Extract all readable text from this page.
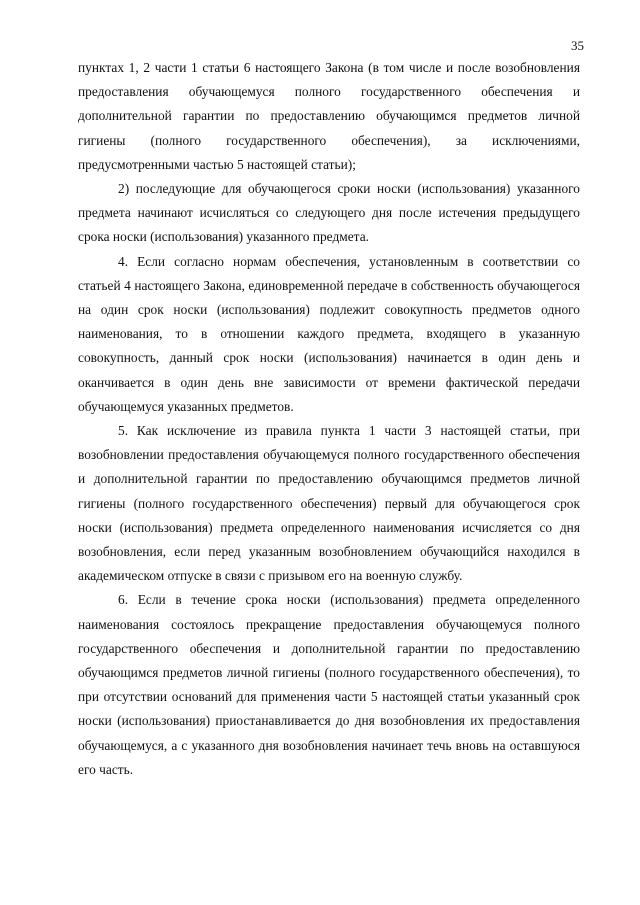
35

пунктах 1, 2 части 1 статьи 6 настоящего Закона (в том числе и после возобновления предоставления обучающемуся полного государственного обеспечения и дополнительной гарантии по предоставлению обучающимся предметов личной гигиены (полного государственного обеспечения), за исключениями, предусмотренными частью 5 настоящей статьи);

2) последующие для обучающегося сроки носки (использования) указанного предмета начинают исчисляться со следующего дня после истечения предыдущего срока носки (использования) указанного предмета.

4. Если согласно нормам обеспечения, установленным в соответствии со статьей 4 настоящего Закона, единовременной передаче в собственность обучающегося на один срок носки (использования) подлежит совокупность предметов одного наименования, то в отношении каждого предмета, входящего в указанную совокупность, данный срок носки (использования) начинается в один день и оканчивается в один день вне зависимости от времени фактической передачи обучающемуся указанных предметов.

5. Как исключение из правила пункта 1 части 3 настоящей статьи, при возобновлении предоставления обучающемуся полного государственного обеспечения и дополнительной гарантии по предоставлению обучающимся предметов личной гигиены (полного государственного обеспечения) первый для обучающегося срок носки (использования) предмета определенного наименования исчисляется со дня возобновления, если перед указанным возобновлением обучающийся находился в академическом отпуске в связи с призывом его на военную службу.

6. Если в течение срока носки (использования) предмета определенного наименования состоялось прекращение предоставления обучающемуся полного государственного обеспечения и дополнительной гарантии по предоставлению обучающимся предметов личной гигиены (полного государственного обеспечения), то при отсутствии оснований для применения части 5 настоящей статьи указанный срок носки (использования) приостанавливается до дня возобновления их предоставления обучающемуся, а с указанного дня возобновления начинает течь вновь на оставшуюся его часть.
